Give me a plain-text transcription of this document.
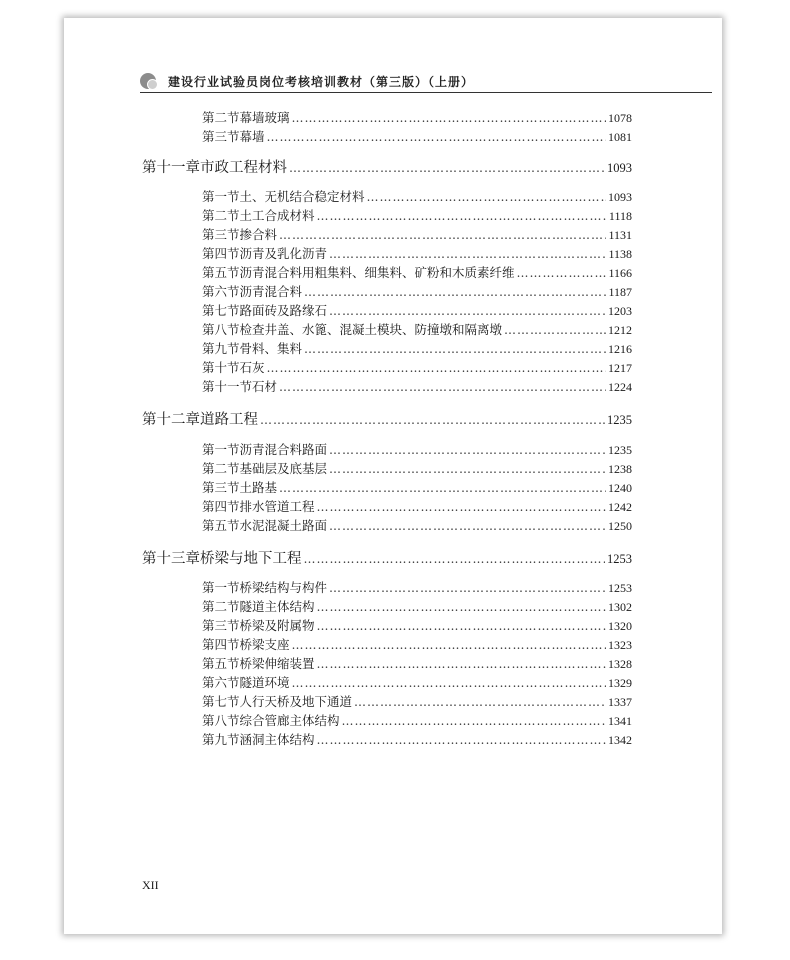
建设行业试验员岗位考核培训教材（第三版）（上册）
第二节 幕墙玻璃 …………………………………………………………………………………………………………………………………………	1078
第三节 幕墙 …………………………………………………………………………………………………………………………………………	1081
第十一章 市政工程材料 ……………………………………………………………………………………………………………………………………………	1093
第一节 土、无机结合稳定材料 …………………………………………………………………………………………………………………………………………	1093
第二节 土工合成材料 …………………………………………………………………………………………………………………………………………	1118
第三节 掺合料 …………………………………………………………………………………………………………………………………………	1131
第四节 沥青及乳化沥青 …………………………………………………………………………………………………………………………………………	1138
第五节 沥青混合料用粗集料、细集料、矿粉和木质素纤维 …………………………………………………………………………………………………………………………………………	1166
第六节 沥青混合料 …………………………………………………………………………………………………………………………………………	1187
第七节 路面砖及路缘石 …………………………………………………………………………………………………………………………………………	1203
第八节 检查井盖、水篦、混凝土模块、防撞墩和隔离墩 …………………………………………………………………………………………………………………………………………	1212
第九节 骨料、集料 …………………………………………………………………………………………………………………………………………	1216
第十节 石灰 …………………………………………………………………………………………………………………………………………	1217
第十一节 石材 …………………………………………………………………………………………………………………………………………	1224
第十二章 道路工程 ……………………………………………………………………………………………………………………………………………	1235
第一节 沥青混合料路面 …………………………………………………………………………………………………………………………………………	1235
第二节 基础层及底基层 …………………………………………………………………………………………………………………………………………	1238
第三节 土路基 …………………………………………………………………………………………………………………………………………	1240
第四节 排水管道工程 …………………………………………………………………………………………………………………………………………	1242
第五节 水泥混凝土路面 …………………………………………………………………………………………………………………………………………	1250
第十三章 桥梁与地下工程 ……………………………………………………………………………………………………………………………………………	1253
第一节 桥梁结构与构件 …………………………………………………………………………………………………………………………………………	1253
第二节 隧道主体结构 …………………………………………………………………………………………………………………………………………	1302
第三节 桥梁及附属物 …………………………………………………………………………………………………………………………………………	1320
第四节 桥梁支座 …………………………………………………………………………………………………………………………………………	1323
第五节 桥梁伸缩装置 …………………………………………………………………………………………………………………………………………	1328
第六节 隧道环境 …………………………………………………………………………………………………………………………………………	1329
第七节 人行天桥及地下通道 …………………………………………………………………………………………………………………………………………	1337
第八节 综合管廊主体结构 …………………………………………………………………………………………………………………………………………	1341
第九节 涵洞主体结构 …………………………………………………………………………………………………………………………………………	1342
XII
